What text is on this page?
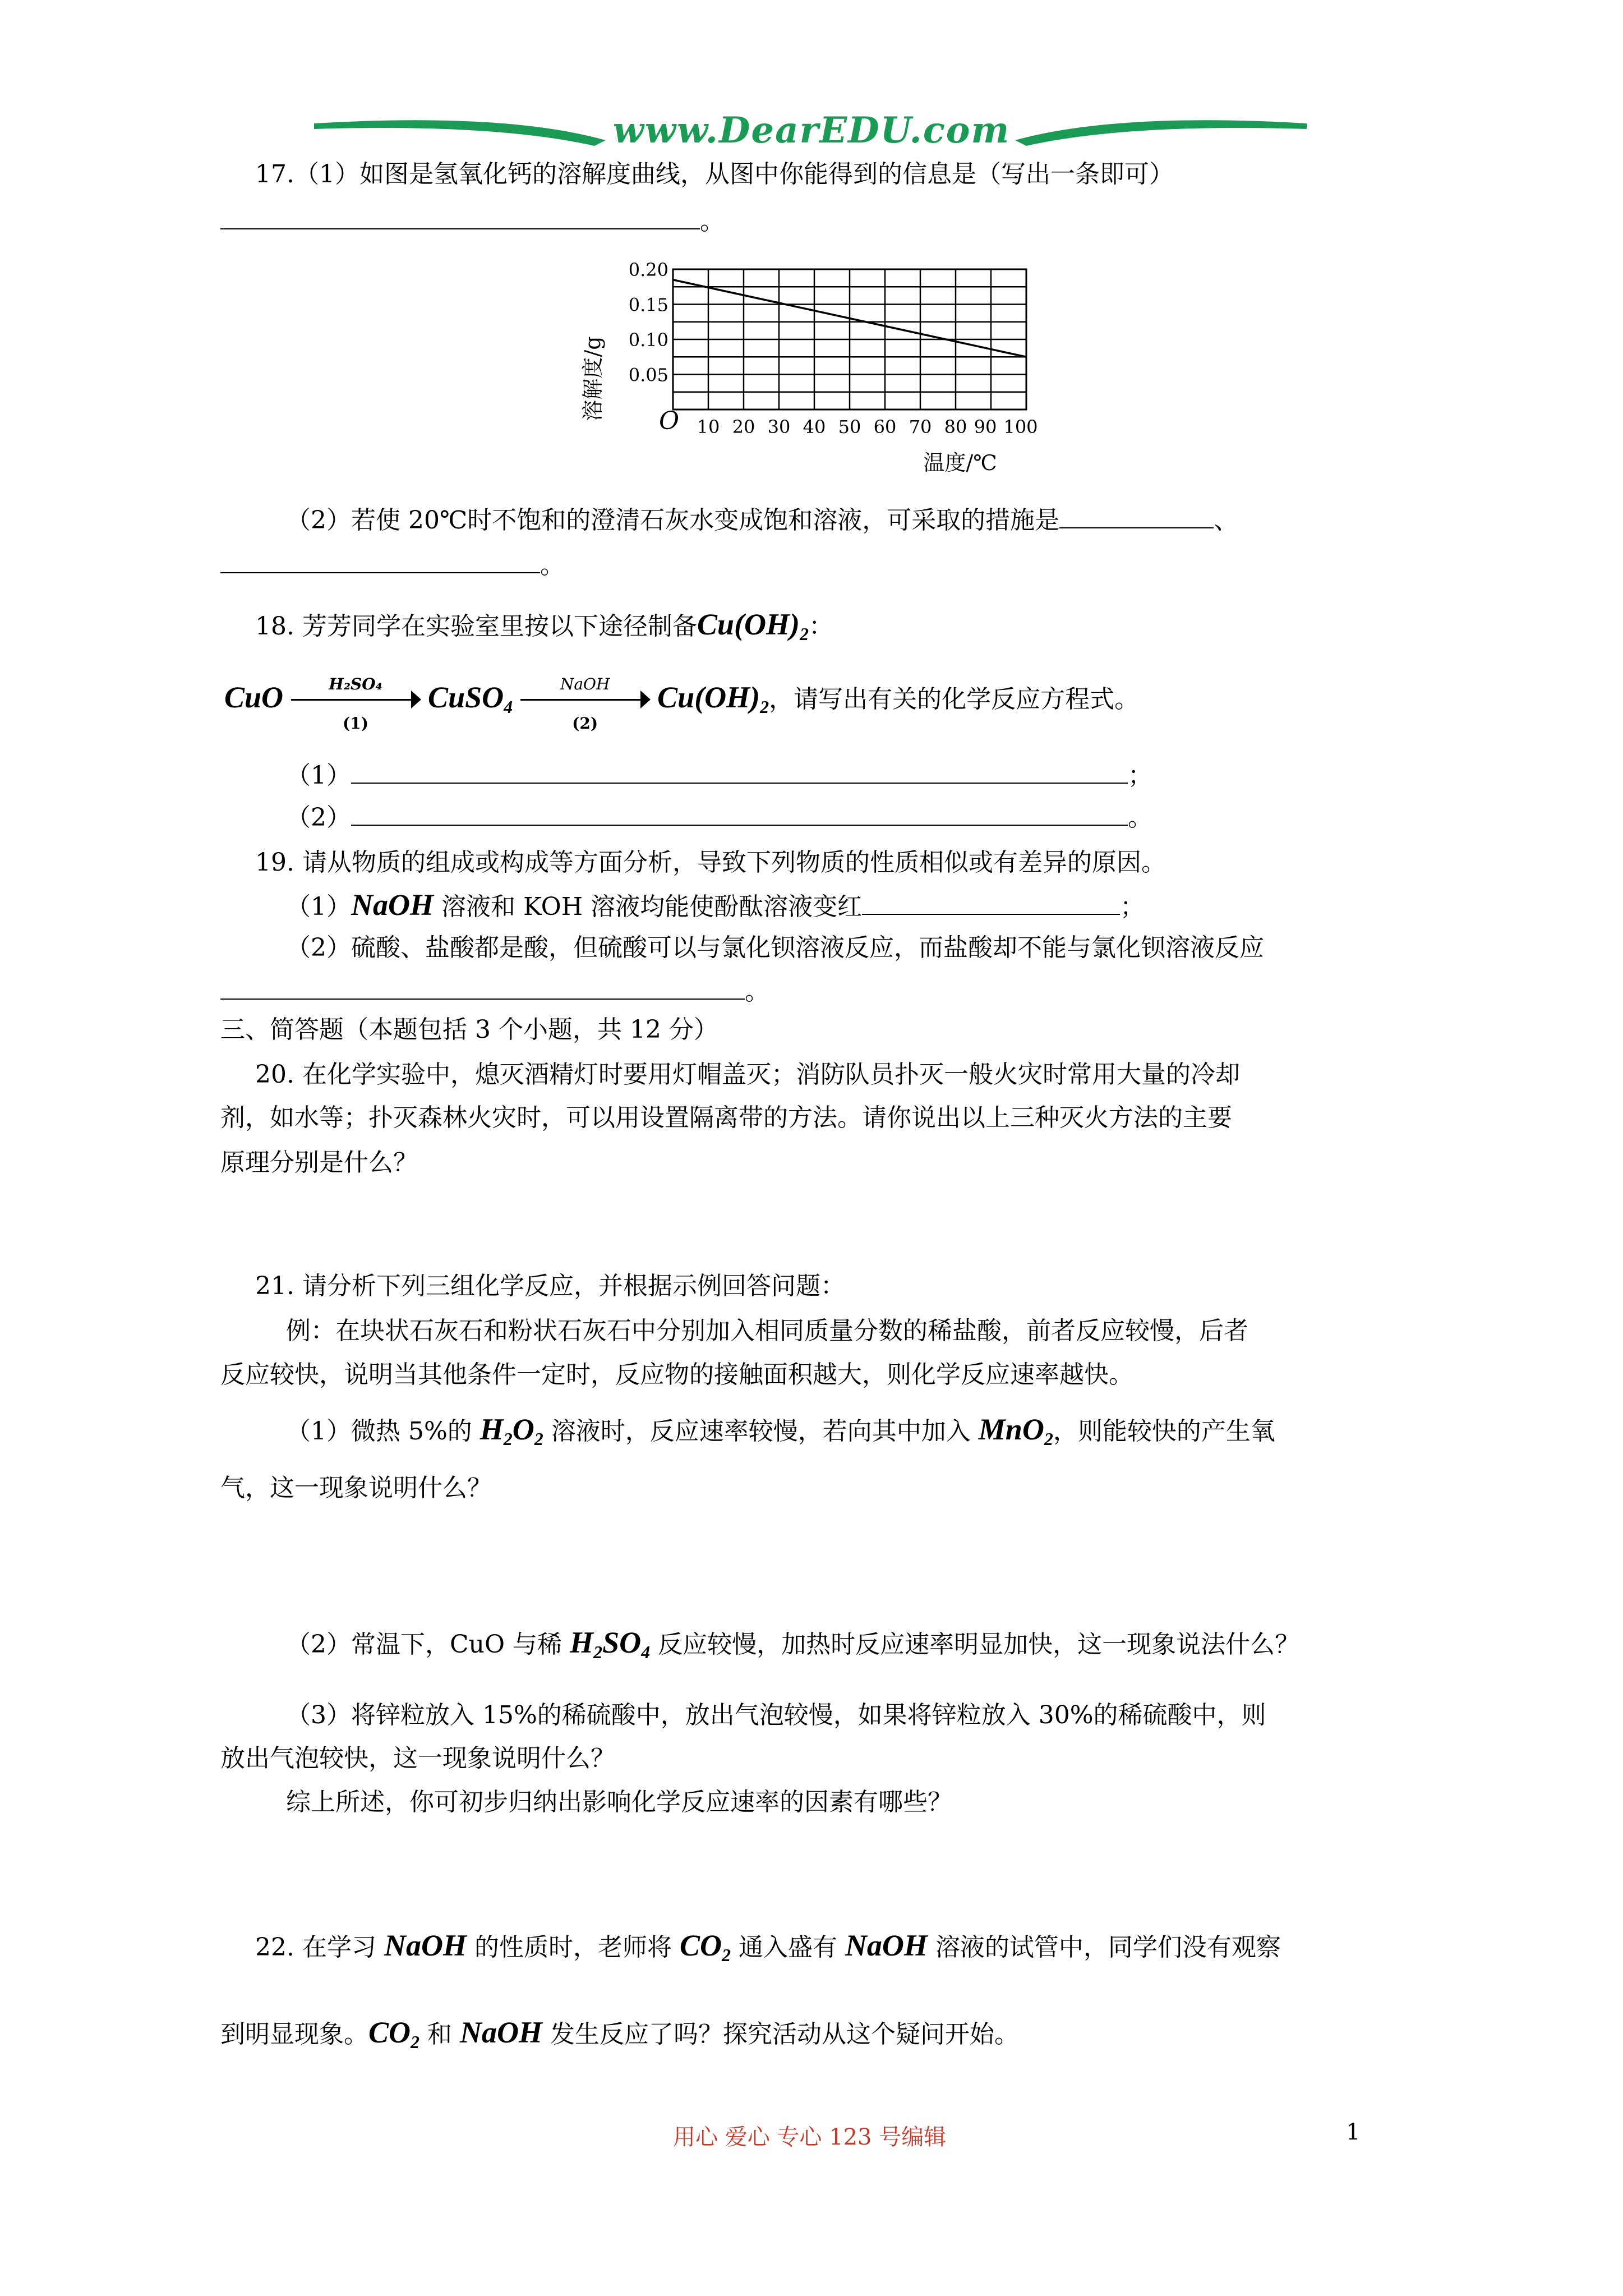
www.DearEDU.com
17.（1）如图是氢氧化钙的溶解度曲线，从图中你能得到的信息是（写出一条即可）
。
10 20 30 40 50 60 70 80 90 100
0.05
0.10
0.15
0.20
溶解度/g
温度/℃
O
（2）若使 20℃时不饱和的澄清石灰水变成饱和溶液，可采取的措施是	、
。
18. 芳芳同学在实验室里按以下途径制备$Cu(OH)_2$：
CuO $\frac{\text{H₂SO₄}}{(1)}$ CuSO$_4$
NaOH
(2)
$Cu(OH)_2$，请写出有关的化学反应方程式。
（1）	；
（2）	。
19. 请从物质的组成或构成等方面分析，导致下列物质的性质相似或有差异的原因。
（1）NaOH 溶液和 KOH 溶液均能使酚酞溶液变红	；
（2）硫酸、盐酸都是酸，但硫酸可以与氯化钡溶液反应，而盐酸却不能与氯化钡溶液反应
。
三、简答题（本题包括 3 个小题，共 12 分）
20. 在化学实验中，熄灭酒精灯时要用灯帽盖灭；消防队员扑灭一般火灾时常用大量的冷却
剂，如水等；扑灭森林火灾时，可以用设置隔离带的方法。请你说出以上三种灭火方法的主要
原理分别是什么？
21. 请分析下列三组化学反应，并根据示例回答问题：
例：在块状石灰石和粉状石灰石中分别加入相同质量分数的稀盐酸，前者反应较慢，后者
反应较快，说明当其他条件一定时，反应物的接触面积越大，则化学反应速率越快。
（1）微热 5%的 $H_2O_2$ 溶液时，反应速率较慢，若向其中加入 MnO$_2$，则能较快的产生氧
气，这一现象说明什么？
（2）常温下，CuO 与稀 $H_2SO_4$ 反应较慢，加热时反应速率明显加快，这一现象说法什么？
（3）将锌粒放入 15%的稀硫酸中，放出气泡较慢，如果将锌粒放入 30%的稀硫酸中，则
放出气泡较快，这一现象说明什么？
综上所述，你可初步归纳出影响化学反应速率的因素有哪些？
22. 在学习 NaOH 的性质时，老师将 $CO_2$ 通入盛有 NaOH 溶液的试管中，同学们没有观察
到明显现象。$CO_2$ 和 NaOH 发生反应了吗？探究活动从这个疑问开始。
用心 爱心 专心 123 号编辑	1
